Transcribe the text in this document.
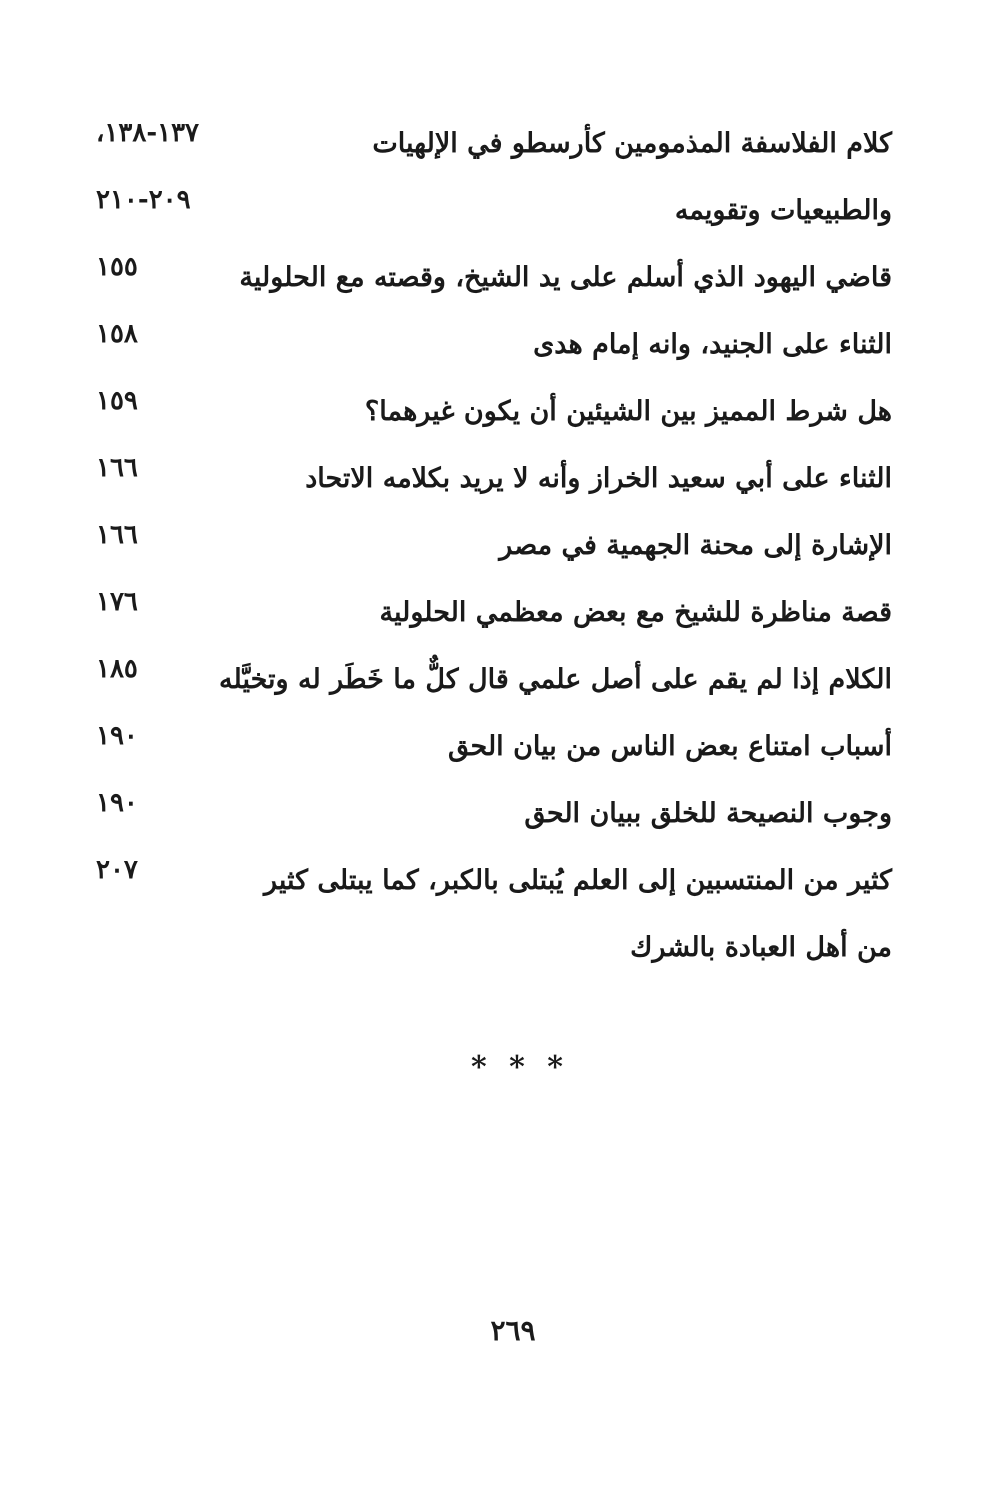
كلام الفلاسفة المذمومين كأرسطو في الإلهيات
١٣٧-١٣٨،
والطبيعيات وتقويمه
٢٠٩-٢١٠
قاضي اليهود الذي أسلم على يد الشيخ، وقصته مع الحلولية
١٥٥
الثناء على الجنيد، وانه إمام هدى
١٥٨
هل شرط المميز بين الشيئين أن يكون غيرهما؟
١٥٩
الثناء على أبي سعيد الخراز وأنه لا يريد بكلامه الاتحاد
١٦٦
الإشارة إلى محنة الجهمية في مصر
١٦٦
قصة مناظرة للشيخ مع بعض معظمي الحلولية
١٧٦
الكلام إذا لم يقم على أصل علمي قال كلٌّ ما خَطَر له وتخيَّله
١٨٥
أسباب امتناع بعض الناس من بيان الحق
١٩٠
وجوب النصيحة للخلق ببيان الحق
١٩٠
كثير من المنتسبين إلى العلم يُبتلى بالكبر، كما يبتلى كثير من أهل العبادة بالشرك
٢٠٧
* * *
٢٦٩
